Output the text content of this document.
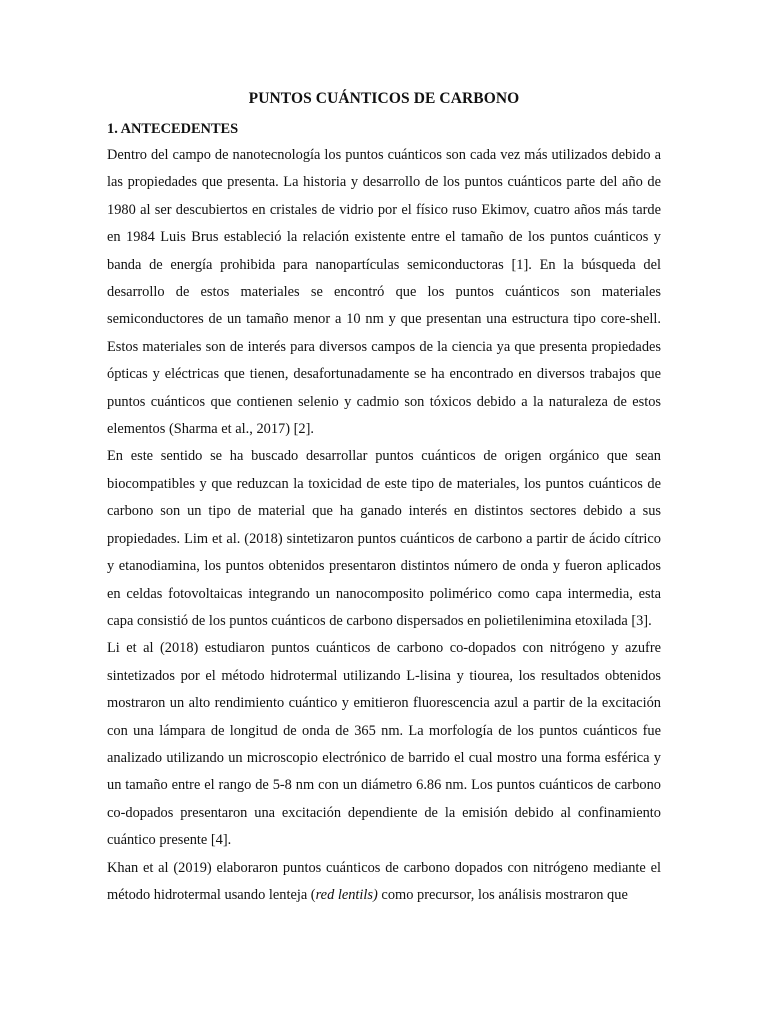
PUNTOS CUÁNTICOS DE CARBONO
1. ANTECEDENTES

Dentro del campo de nanotecnología los puntos cuánticos son cada vez más utilizados debido a las propiedades que presenta. La historia y desarrollo de los puntos cuánticos parte del año de 1980 al ser descubiertos en cristales de vidrio por el físico ruso Ekimov, cuatro años más tarde en 1984 Luis Brus estableció la relación existente entre el tamaño de los puntos cuánticos y banda de energía prohibida para nanopartículas semiconductoras [1]. En la búsqueda del desarrollo de estos materiales se encontró que los puntos cuánticos son materiales semiconductores de un tamaño menor a 10 nm y que presentan una estructura tipo core-shell. Estos materiales son de interés para diversos campos de la ciencia ya que presenta propiedades ópticas y eléctricas que tienen, desafortunadamente se ha encontrado en diversos trabajos que puntos cuánticos que contienen selenio y cadmio son tóxicos debido a la naturaleza de estos elementos (Sharma et al., 2017) [2].

En este sentido se ha buscado desarrollar puntos cuánticos de origen orgánico que sean biocompatibles y que reduzcan la toxicidad de este tipo de materiales, los puntos cuánticos de carbono son un tipo de material que ha ganado interés en distintos sectores debido a sus propiedades. Lim et al. (2018) sintetizaron puntos cuánticos de carbono a partir de ácido cítrico y etanodiamina, los puntos obtenidos presentaron distintos número de onda y fueron aplicados en celdas fotovoltaicas integrando un nanocomposito polimérico como capa intermedia, esta capa consistió de los puntos cuánticos de carbono dispersados en polietilenimina etoxilada [3].

Li et al (2018) estudiaron puntos cuánticos de carbono co-dopados con nitrógeno y azufre sintetizados por el método hidrotermal utilizando L-lisina y tiourea, los resultados obtenidos mostraron un alto rendimiento cuántico y emitieron fluorescencia azul a partir de la excitación con una lámpara de longitud de onda de 365 nm. La morfología de los puntos cuánticos fue analizado utilizando un microscopio electrónico de barrido el cual mostro una forma esférica y un tamaño entre el rango de 5-8 nm con un diámetro 6.86 nm. Los puntos cuánticos de carbono co-dopados presentaron una excitación dependiente de la emisión debido al confinamiento cuántico presente [4].

Khan et al (2019) elaboraron puntos cuánticos de carbono dopados con nitrógeno mediante el método hidrotermal usando lenteja (red lentils) como precursor, los análisis mostraron que
